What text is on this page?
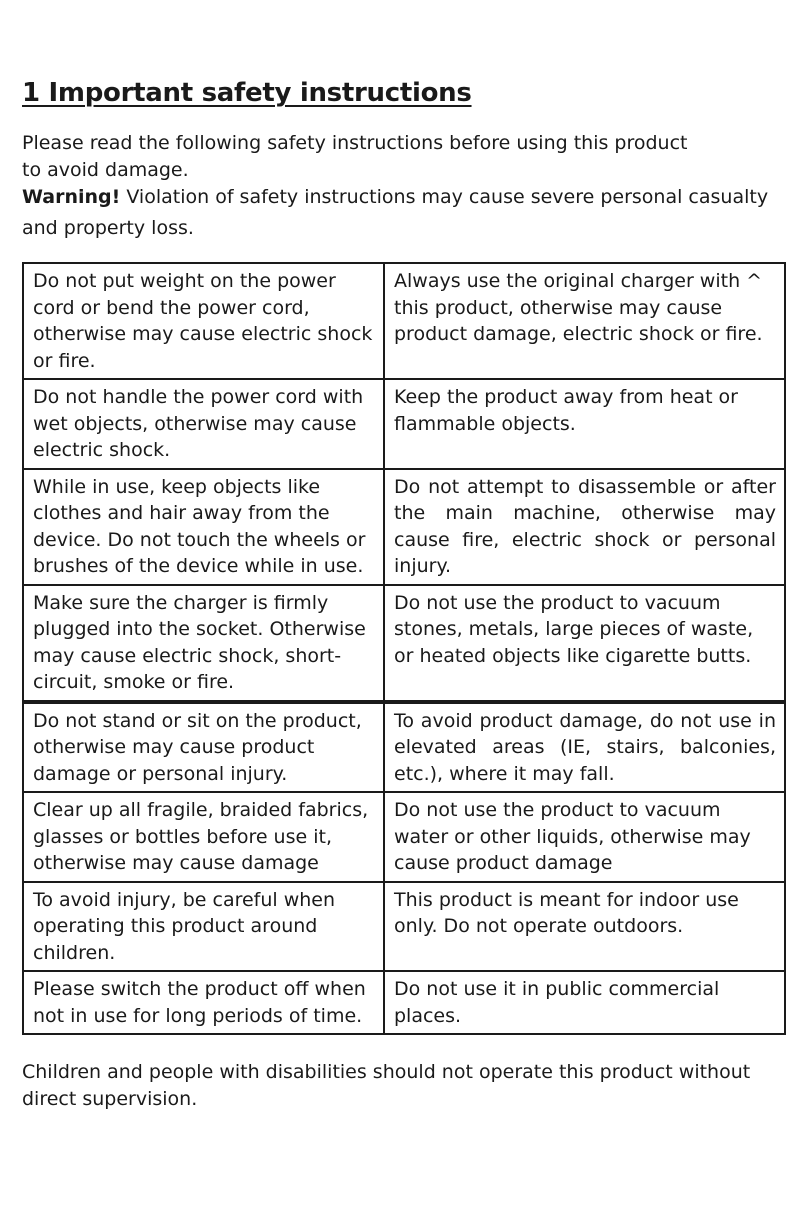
1 Important safety instructions

Please read the following safety instructions before using this product

to avoid damage.

Warning! Violation of safety instructions may cause severe personal casualty

and property loss.

Do not put weight on the power cord or bend the power cord, otherwise may cause electric shock or fire.	Always use the original charger with ^ this product, otherwise may cause product damage, electric shock or fire.
Do not handle the power cord with wet objects, otherwise may cause electric shock.	Keep the product away from heat or flammable objects.
While in use, keep objects like clothes and hair away from the device. Do not touch the wheels or brushes of the device while in use.	Do not attempt to disassemble or after the main machine, otherwise may cause fire, electric shock or personal injury.
Make sure the charger is firmly plugged into the socket. Otherwise may cause electric shock, short-circuit, smoke or fire.	Do not use the product to vacuum stones, metals, large pieces of waste, or heated objects like cigarette butts.
Do not stand or sit on the product, otherwise may cause product damage or personal injury.	To avoid product damage, do not use in elevated areas (IE, stairs, balconies, etc.), where it may fall.
Clear up all fragile, braided fabrics, glasses or bottles before use it, otherwise may cause damage	Do not use the product to vacuum water or other liquids, otherwise may cause product damage
To avoid injury, be careful when operating this product around children.	This product is meant for indoor use only. Do not operate outdoors.
Please switch the product off when not in use for long periods of time.	Do not use it in public commercial places.

Children and people with disabilities should not operate this product without direct supervision.
